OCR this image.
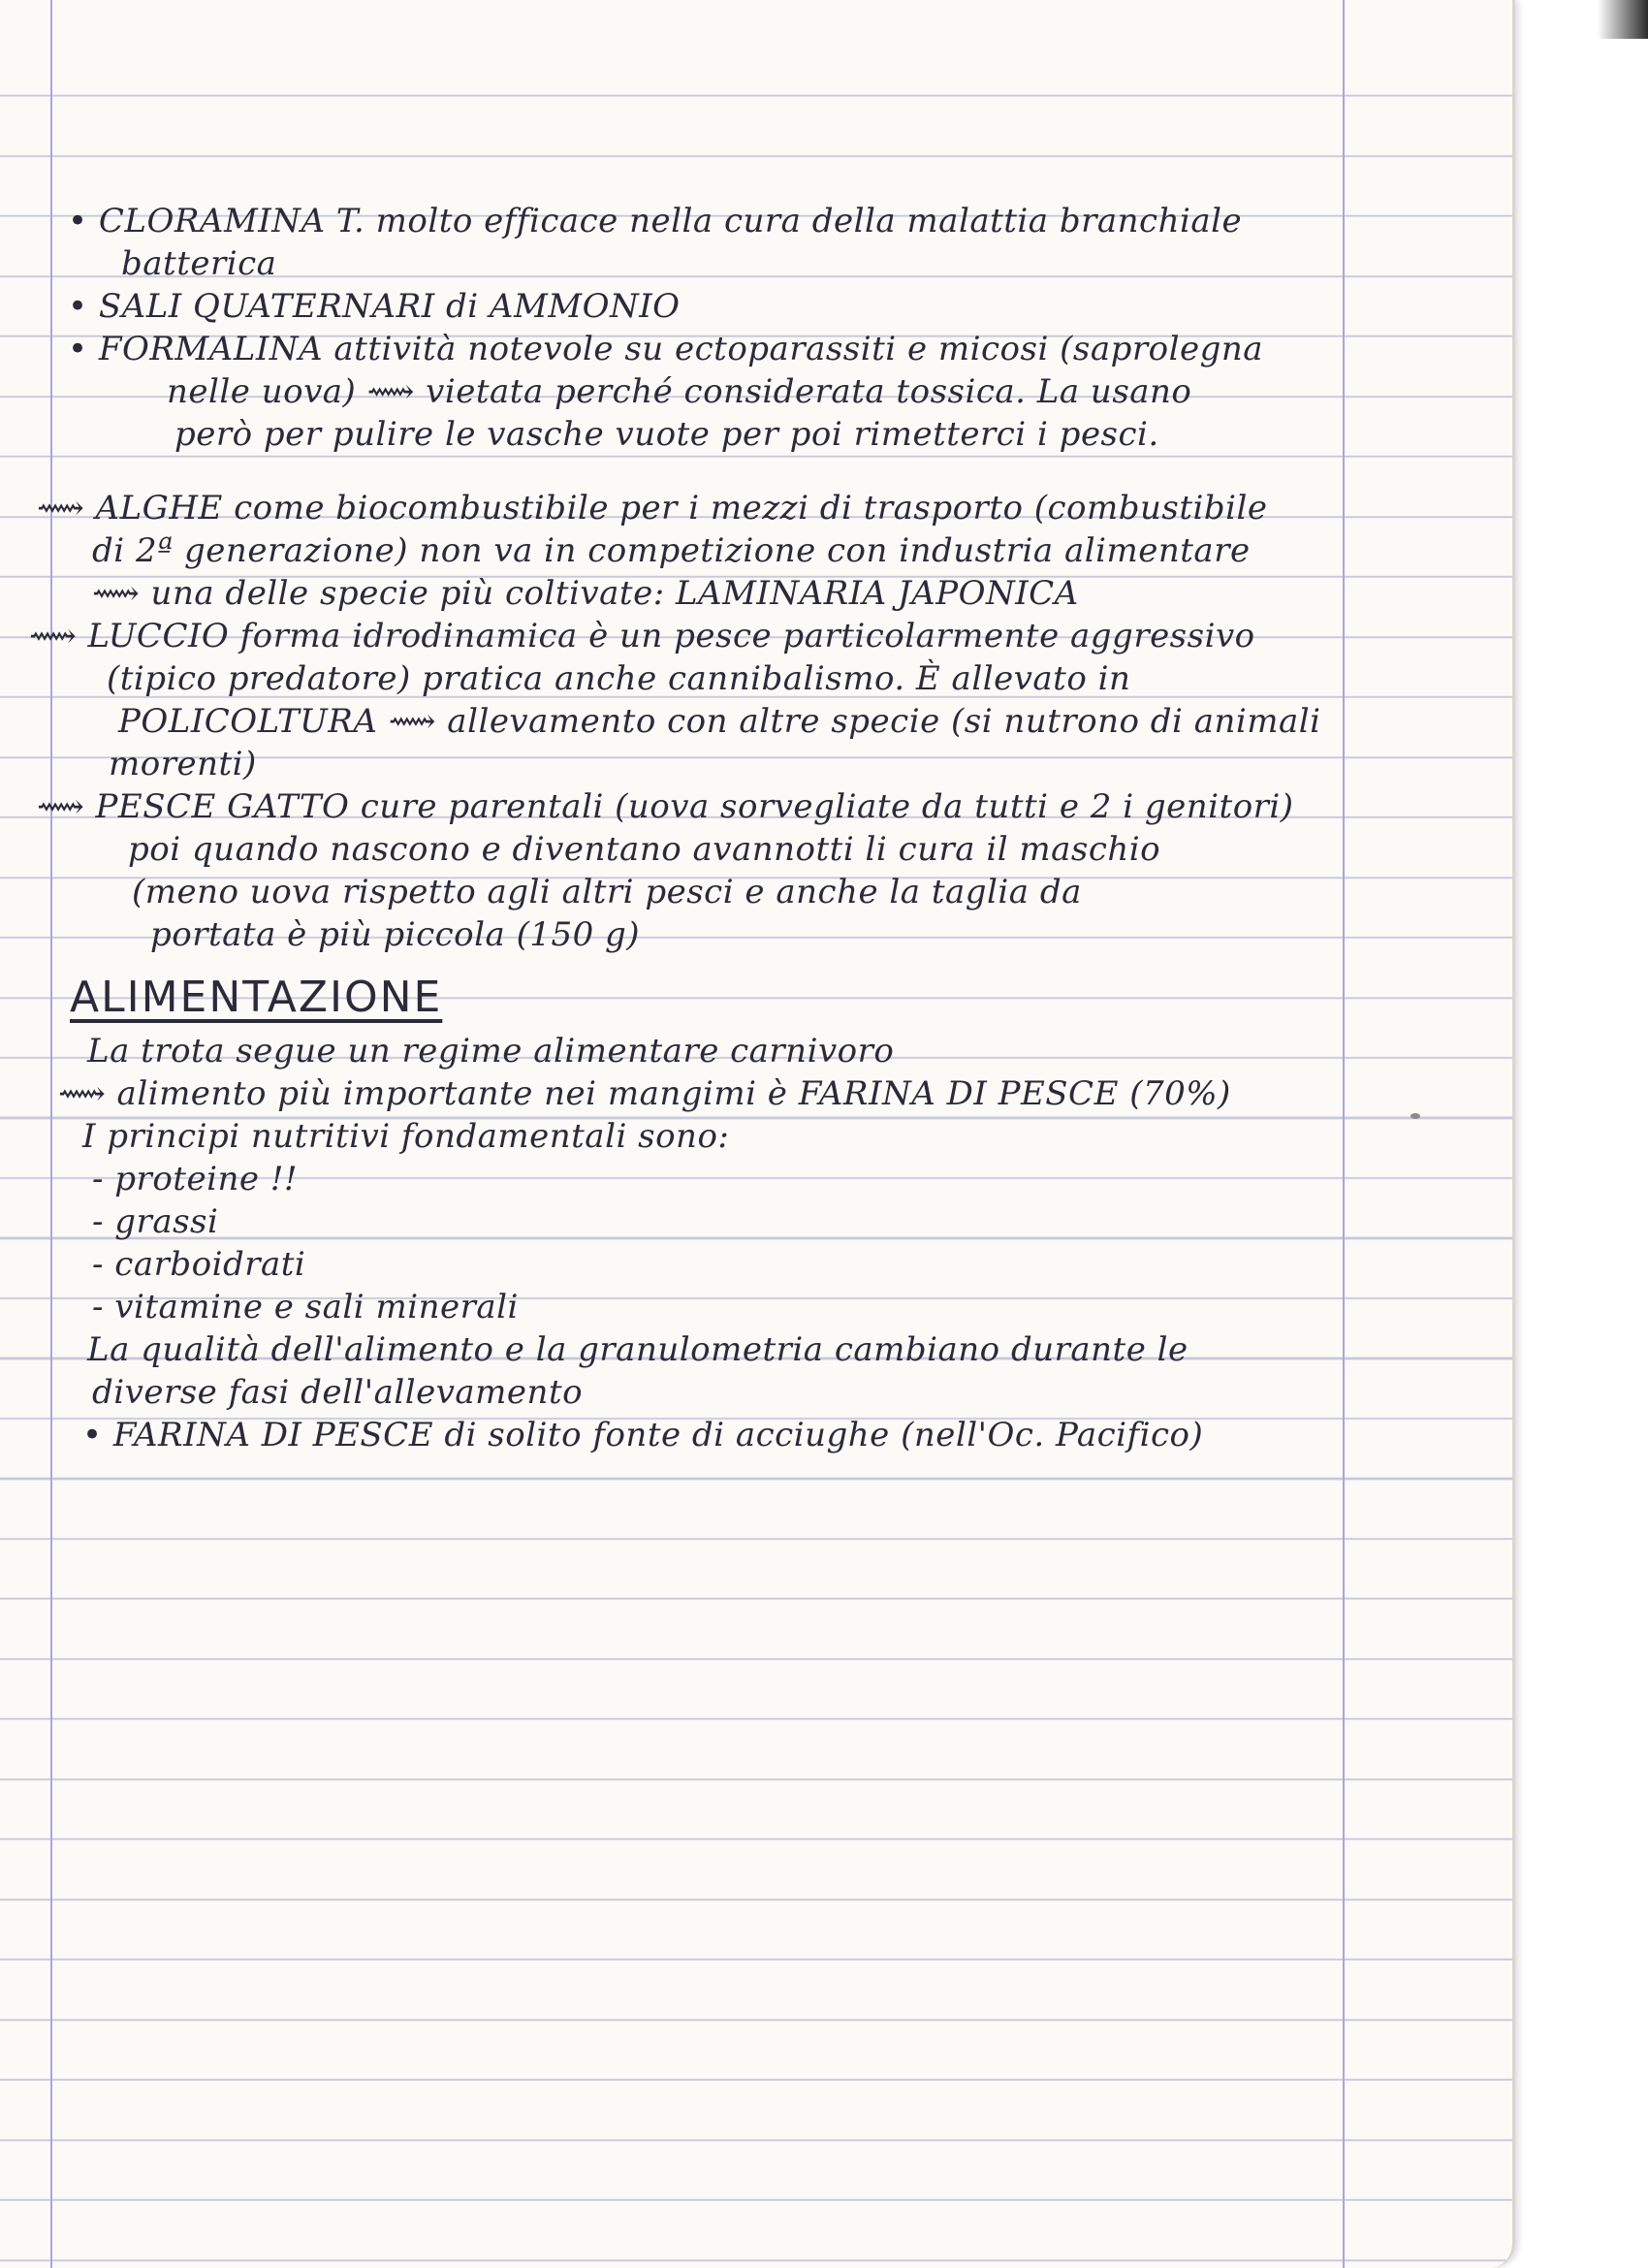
• CLORAMINA T. molto efficace nella cura della malattia branchiale
batterica
• SALI QUATERNARI di AMMONIO
• FORMALINA attività notevole su ectoparassiti e micosi (saprolegna
nelle uova) ⟿ vietata perché considerata tossica. La usano
però per pulire le vasche vuote per poi rimetterci i pesci.
⟿ ALGHE come biocombustibile per i mezzi di trasporto (combustibile
di 2ª generazione) non va in competizione con industria alimentare
⟿ una delle specie più coltivate: LAMINARIA JAPONICA
⟿ LUCCIO forma idrodinamica è un pesce particolarmente aggressivo
(tipico predatore) pratica anche cannibalismo. È allevato in
POLICOLTURA ⟿ allevamento con altre specie (si nutrono di animali
morenti)
⟿ PESCE GATTO cure parentali (uova sorvegliate da tutti e 2 i genitori)
poi quando nascono e diventano avannotti li cura il maschio
(meno uova rispetto agli altri pesci e anche la taglia da
portata è più piccola (150 g)
ALIMENTAZIONE
La trota segue un regime alimentare carnivoro
⟿ alimento più importante nei mangimi è FARINA DI PESCE (70%)
I principi nutritivi fondamentali sono:
- proteine !!
- grassi
- carboidrati
- vitamine e sali minerali
La qualità dell'alimento e la granulometria cambiano durante le
diverse fasi dell'allevamento
• FARINA DI PESCE di solito fonte di acciughe (nell'Oc. Pacifico)
